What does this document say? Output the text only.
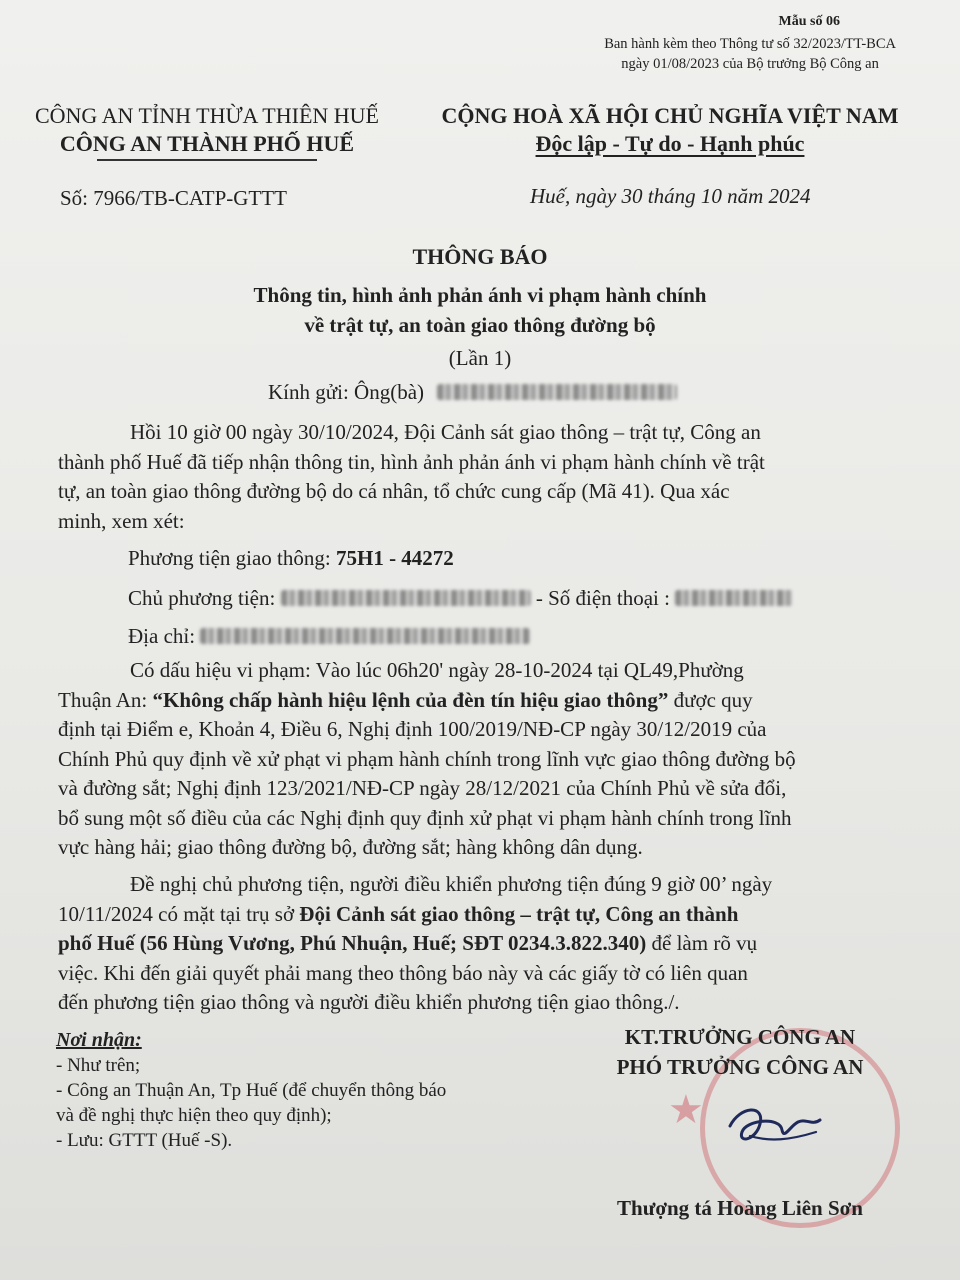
Mẫu số 06
Ban hành kèm theo Thông tư số 32/2023/TT-BCA
ngày 01/08/2023 của Bộ trưởng Bộ Công an
CÔNG AN TỈNH THỪA THIÊN HUẾ
CÔNG AN THÀNH PHỐ HUẾ
CỘNG HOÀ XÃ HỘI CHỦ NGHĨA VIỆT NAM
Độc lập - Tự do - Hạnh phúc
Số: 7966/TB-CATP-GTTT	Huế, ngày 30 tháng 10 năm 2024
THÔNG BÁO
Thông tin, hình ảnh phản ánh vi phạm hành chính
về trật tự, an toàn giao thông đường bộ
(Lần 1)
Kính gửi: Ông(bà)
Hồi 10 giờ 00 ngày 30/10/2024, Đội Cảnh sát giao thông – trật tự, Công an
thành phố Huế đã tiếp nhận thông tin, hình ảnh phản ánh vi phạm hành chính về trật
tự, an toàn giao thông đường bộ do cá nhân, tổ chức cung cấp (Mã 41). Qua xác
minh, xem xét:
Phương tiện giao thông: 75H1 - 44272
Chủ phương tiện:	- Số điện thoại :
Địa chỉ:
Có dấu hiệu vi phạm: Vào lúc 06h20' ngày 28-10-2024 tại QL49,Phường
Thuận An: “Không chấp hành hiệu lệnh của đèn tín hiệu giao thông” được quy
định tại Điểm e, Khoản 4, Điều 6, Nghị định 100/2019/NĐ-CP ngày 30/12/2019 của
Chính Phủ quy định về xử phạt vi phạm hành chính trong lĩnh vực giao thông đường bộ
và đường sắt; Nghị định 123/2021/NĐ-CP ngày 28/12/2021 của Chính Phủ về sửa đổi,
bổ sung một số điều của các Nghị định quy định xử phạt vi phạm hành chính trong lĩnh
vực hàng hải; giao thông đường bộ, đường sắt; hàng không dân dụng.
Đề nghị chủ phương tiện, người điều khiển phương tiện đúng 9 giờ 00’ ngày
10/11/2024 có mặt tại trụ sở Đội Cảnh sát giao thông – trật tự, Công an thành
phố Huế (56 Hùng Vương, Phú Nhuận, Huế; SĐT 0234.3.822.340) để làm rõ vụ
việc. Khi đến giải quyết phải mang theo thông báo này và các giấy tờ có liên quan
đến phương tiện giao thông và người điều khiển phương tiện giao thông./.
Nơi nhận:
- Như trên;
- Công an Thuận An, Tp Huế (để chuyển thông báo
và đề nghị thực hiện theo quy định);
- Lưu: GTTT (Huế -S).
★
KT.TRƯỞNG CÔNG AN
PHÓ TRƯỞNG CÔNG AN
Thượng tá Hoàng Liên Sơn
